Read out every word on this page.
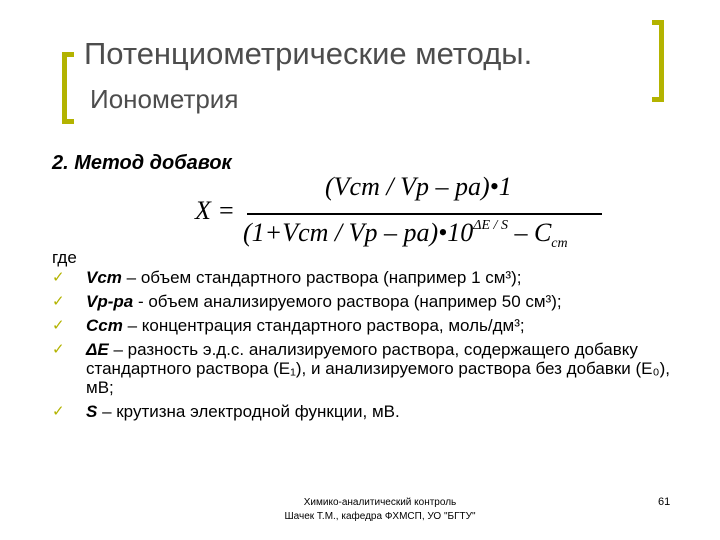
Потенциометрические методы.
Ионометрия
2. Метод добавок
X =
(Vст / Vр – ра)•1
(1+Vст / Vр – $ра)•10^{\Delta E / S} - C_{ст}$
где
✓ Vст – объем стандартного раствора (например 1 см³);
✓ Vр-ра - объем анализируемого раствора (например 50 см³);
✓ Сст – концентрация стандартного раствора, моль/дм³;
✓ ΔЕ – разность э.д.с. анализируемого раствора, содержащего добавку стандартного раствора (E₁), и анализируемого раствора без добавки (E₀), мВ;
✓ S – крутизна электродной функции, мВ.
Химико-аналитический контроль
Шачек Т.М., кафедра ФХМСП, УО "БГТУ"
61
